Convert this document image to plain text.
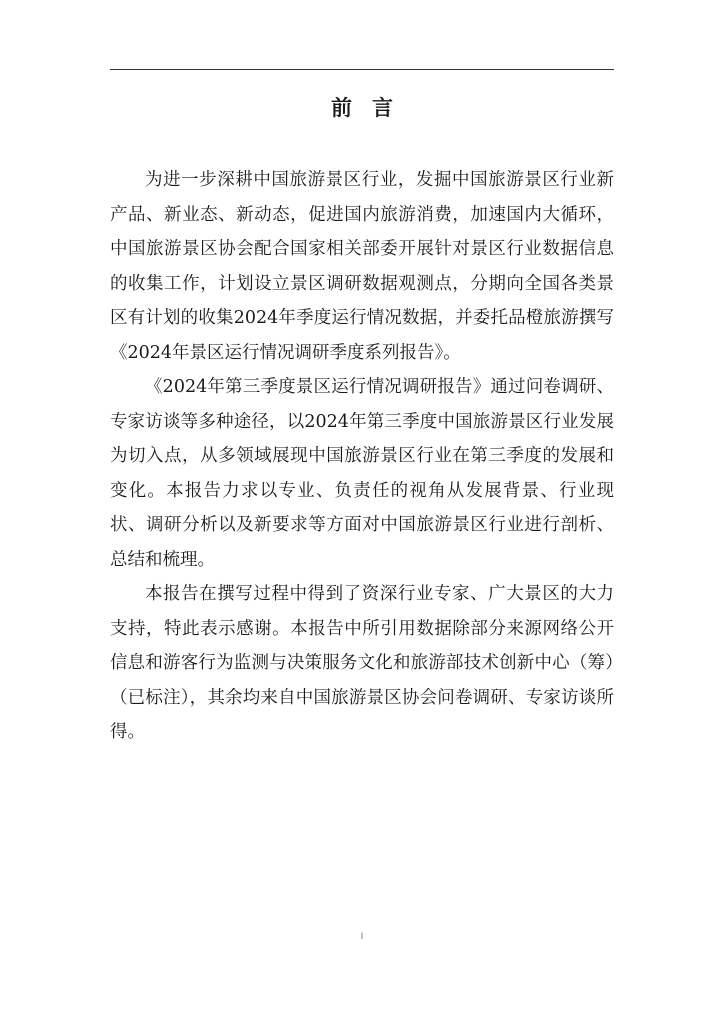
前言

为进一步深耕中国旅游景区行业，发掘中国旅游景区行业新产品、新业态、新动态，促进国内旅游消费，加速国内大循环，中国旅游景区协会配合国家相关部委开展针对景区行业数据信息的收集工作，计划设立景区调研数据观测点，分期向全国各类景区有计划的收集2024年季度运行情况数据，并委托品橙旅游撰写《2024年景区运行情况调研季度系列报告》。

《2024年第三季度景区运行情况调研报告》通过问卷调研、专家访谈等多种途径，以2024年第三季度中国旅游景区行业发展为切入点，从多领域展现中国旅游景区行业在第三季度的发展和变化。本报告力求以专业、负责任的视角从发展背景、行业现状、调研分析以及新要求等方面对中国旅游景区行业进行剖析、总结和梳理。

本报告在撰写过程中得到了资深行业专家、广大景区的大力支持，特此表示感谢。本报告中所引用数据除部分来源网络公开信息和游客行为监测与决策服务文化和旅游部技术创新中心（筹）（已标注），其余均来自中国旅游景区协会问卷调研、专家访谈所得。

I
